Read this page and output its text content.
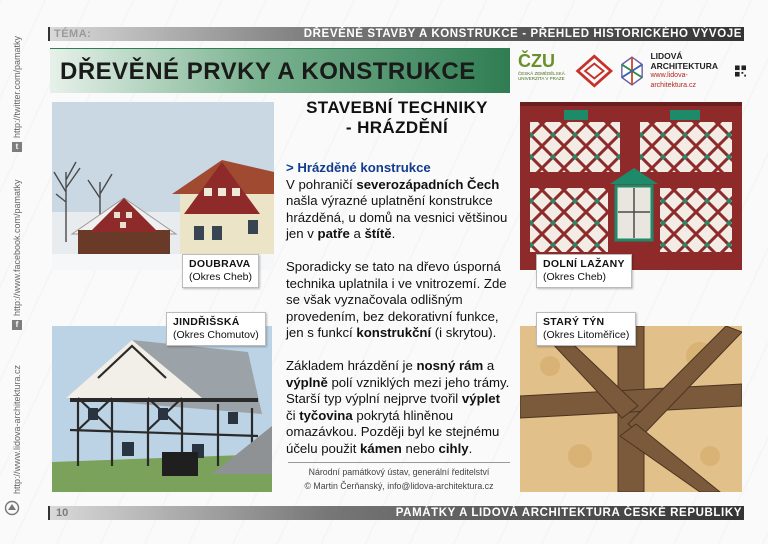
t
http://twitter.com/pamatky
f
http://www.facebook.com/pamatky
http://www.lidova-architektura.cz
TÉMA:	DŘEVĚNÉ STAVBY A KONSTRUKCE - PŘEHLED HISTORICKÉHO VÝVOJE
DŘEVĚNÉ PRVKY A KONSTRUKCE ČZU
ČESKÁ ZEMĚDĚLSKÁ UNIVERZITA V PRAZE
LIDOVÁ
ARCHITEKTURA
www.lidova-architektura.cz
DOUBRAVA
(Okres Cheb)
DOLNÍ LAŽANY
(Okres Cheb)
JINDŘIŠSKÁ
(Okres Chomutov)
STARÝ TÝN
(Okres Litoměřice)
STAVEBNÍ TECHNIKY
- HRÁZDĚNÍ
> Hrázděné konstrukce

V pohraničí severozápadních Čech našla výrazné uplatnění konstrukce hrázděná, u domů na vesnici většinou jen v patře a štítě.

Sporadicky se tato na dřevo úsporná technika uplatnila i ve vnitrozemí. Zde se však vyznačovala odlišným provedením, bez dekorativní funkce, jen s funkcí konstrukční (i skrytou).

Základem hrázdění je nosný rám a výplně polí vzniklých mezi jeho trámy. Starší typ výplní nejprve tvořil výplet či tyčovina pokrytá hliněnou omazávkou. Později byl ke stejnému účelu použit kámen nebo cihly.

Národní památkový ústav, generální ředitelství
© Martin Čerňanský, info@lidova-architektura.cz
10	PAMÁTKY A LIDOVÁ ARCHITEKTURA ČESKÉ REPUBLIKY
